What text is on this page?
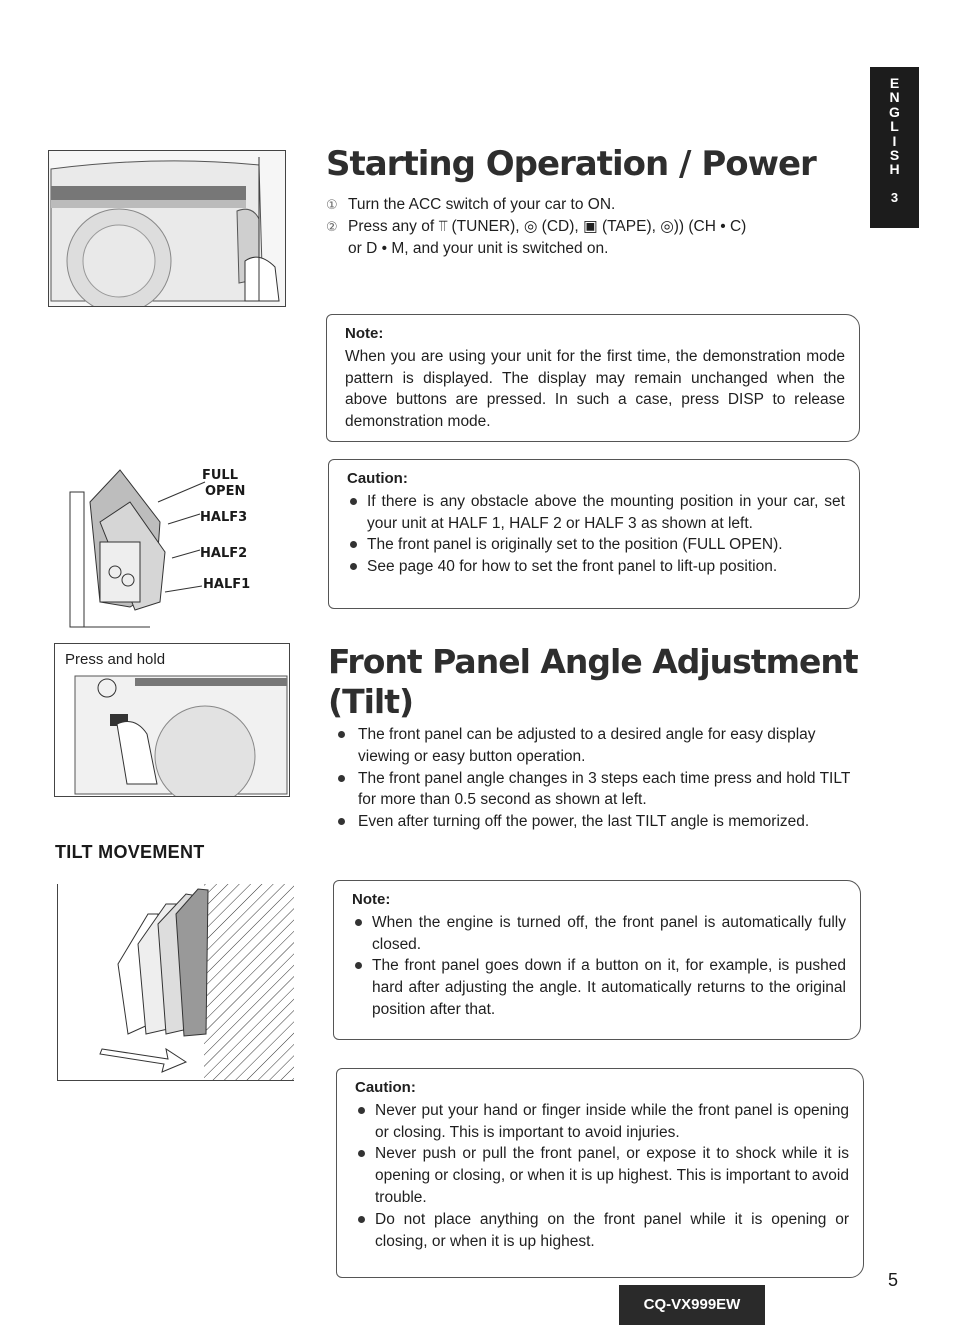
E
N
G
L
I
S
H
3
Starting Operation / Power
① Turn the ACC switch of your car to ON.
② Press any of ⫪ (TUNER), ◎ (CD), ▣ (TAPE), ◎)) (CH • C)
or D • M, and your unit is switched on.
Note:

When you are using your unit for the first time, the demonstration mode pattern is displayed. The display may remain unchanged when the above buttons are pressed. In such a case, press DISP to release demonstration mode.

FULL
OPEN
HALF3
HALF2
HALF1
Caution:
If there is any obstacle above the mounting position in your car, set your unit at HALF 1, HALF 2 or HALF 3 as shown at left.
The front panel is originally set to the position (FULL OPEN).
See page 40 for how to set the front panel to lift-up position.
Press and hold	Front Panel Angle Adjustment (Tilt)
The front panel can be adjusted to a desired angle for easy display viewing or easy button operation.
The front panel angle changes in 3 steps each time press and hold TILT for more than 0.5 second as shown at left.
Even after turning off the power, the last TILT angle is memorized.
TILT MOVEMENT
Note:
When the engine is turned off, the front panel is automatically fully closed.
The front panel goes down if a button on it, for example, is pushed hard after adjusting the angle. It automatically returns to the original position after that.
Caution:
Never put your hand or finger inside while the front panel is opening or closing. This is important to avoid injuries.
Never push or pull the front panel, or expose it to shock while it is opening or closing, or when it is up highest. This is important to avoid trouble.
Do not place anything on the front panel while it is opening or closing, or when it is up highest.
5
CQ-VX999EW
